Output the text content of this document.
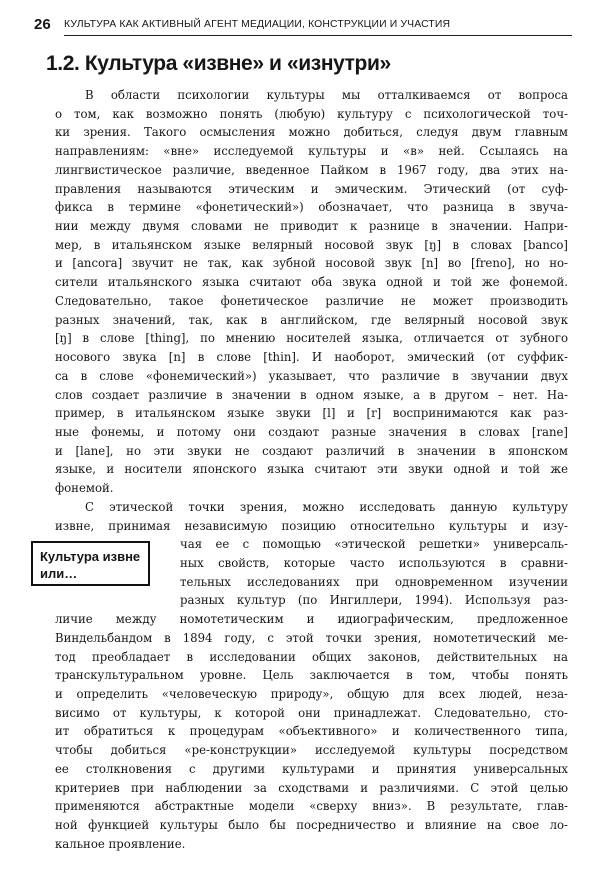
26 КУЛЬТУРА КАК АКТИВНЫЙ АГЕНТ МЕДИАЦИИ, КОНСТРУКЦИИ И УЧАСТИЯ
1.2. Культура «извне» и «изнутри»

В области психологии культуры мы отталкиваемся от вопроса
о том, как возможно понять (любую) культуру с психологической точ-
ки зрения. Такого осмысления можно добиться, следуя двум главным
направлениям: «вне» исследуемой культуры и «в» ней. Ссылаясь на
лингвистическое различие, введенное Пайком в 1967 году, два этих на-
правления называются этическим и эмическим. Этический (от суф-
фикса в термине «фонетический») обозначает, что разница в звуча-
нии между двумя словами не приводит к разнице в значении. Напри-
мер, в итальянском языке велярный носовой звук [ŋ] в словах [banco]
и [ancora] звучит не так, как зубной носовой звук [n] во [freno], но но-
сители итальянского языка считают оба звука одной и той же фонемой.
Следовательно, такое фонетическое различие не может производить
разных значений, так, как в английском, где велярный носовой звук
[ŋ] в слове [thing], по мнению носителей языка, отличается от зубного
носового звука [n] в слове [thin]. И наоборот, эмический (от суффик-
са в слове «фонемический») указывает, что различие в звучании двух
слов создает различие в значении в одном языке, а в другом – нет. На-
пример, в итальянском языке звуки [l] и [r] воспринимаются как раз-
ные фонемы, и потому они создают разные значения в словах [rane]
и [lane], но эти звуки не создают различий в значении в японском
языке, и носители японского языка считают эти звуки одной и той же
фонемой.

С этической точки зрения, можно исследовать данную культуру
извне, принимая независимую позицию относительно культуры и изу-
чая ее с помощью «этической решетки» универсаль-
ных свойств, которые часто используются в сравни-
тельных исследованиях при одновременном изучении
разных культур (по Ингиллери, 1994). Используя раз-
личие между номотетическим и идиографическим, предложенное
Виндельбандом в 1894 году, с этой точки зрения, номотетический ме-
тод преобладает в исследовании общих законов, действительных на
транскультуральном уровне. Цель заключается в том, чтобы понять
и определить «человеческую природу», общую для всех людей, неза-
висимо от культуры, к которой они принадлежат. Следовательно, сто-
ит обратиться к процедурам «объективного» и количественного типа,
чтобы добиться «ре-конструкции» исследуемой культуры посредством
ее столкновения с другими культурами и принятия универсальных
критериев при наблюдении за сходствами и различиями. С этой целью
применяются абстрактные модели «сверху вниз». В результате, глав-
ной функцией культуры было бы посредничество и влияние на свое ло-
кальное проявление.

Культура извне
или…
